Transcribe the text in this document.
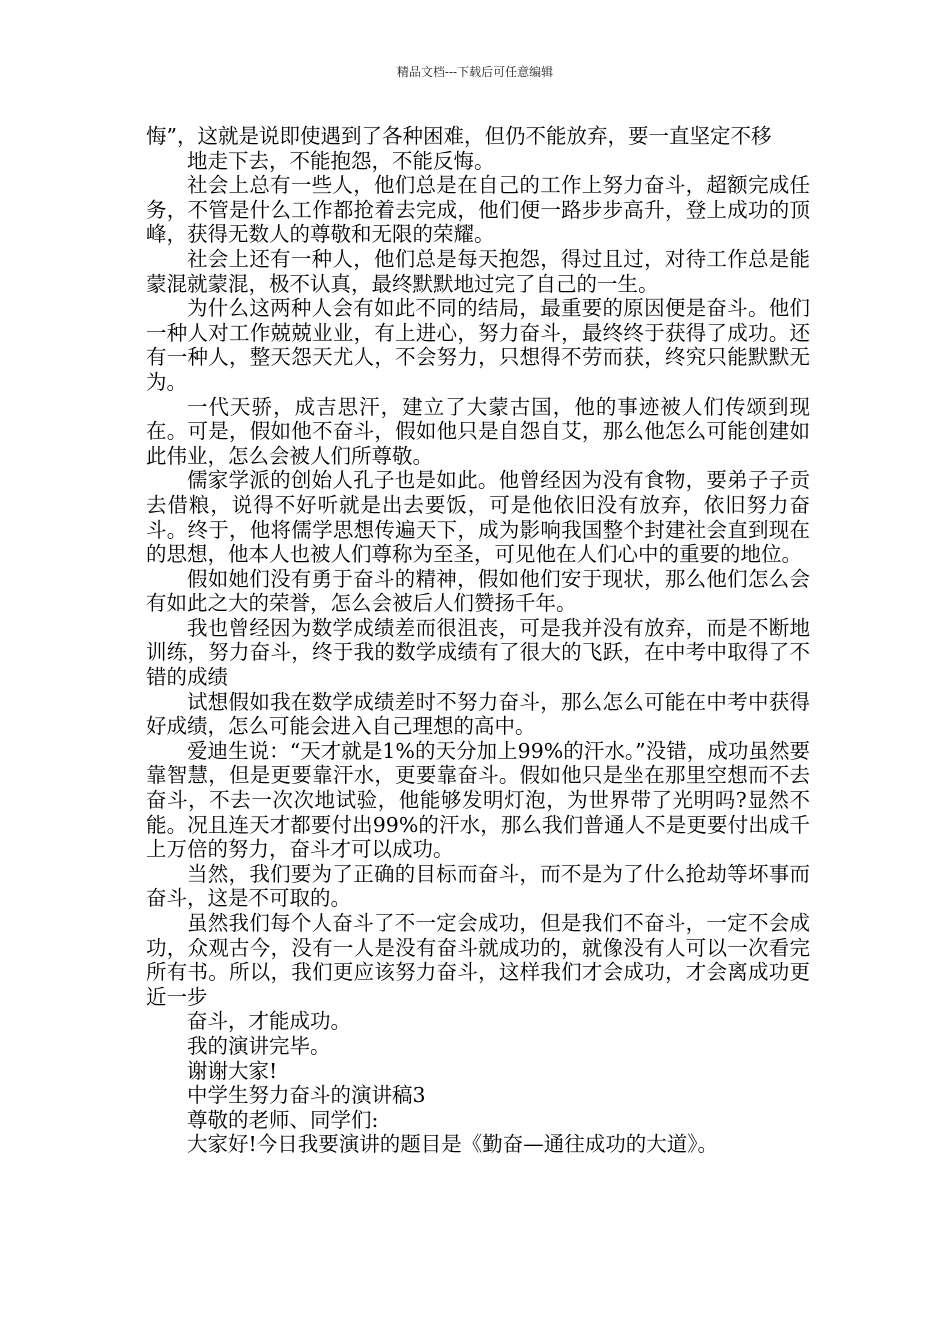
精品文档---下载后可任意编辑

悔”，这就是说即使遇到了各种困难，但仍不能放弃，要一直坚定不移

地走下去，不能抱怨，不能反悔。

社会上总有一些人，他们总是在自己的工作上努力奋斗，超额完成任务，不管是什么工作都抢着去完成，他们便一路步步高升，登上成功的顶峰，获得无数人的尊敬和无限的荣耀。

社会上还有一种人，他们总是每天抱怨，得过且过，对待工作总是能蒙混就蒙混，极不认真，最终默默地过完了自己的一生。

为什么这两种人会有如此不同的结局，最重要的原因便是奋斗。他们一种人对工作兢兢业业，有上进心，努力奋斗，最终终于获得了成功。还有一种人，整天怨天尤人，不会努力，只想得不劳而获，终究只能默默无为。

一代天骄，成吉思汗，建立了大蒙古国，他的事迹被人们传颂到现在。可是，假如他不奋斗，假如他只是自怨自艾，那么他怎么可能创建如此伟业，怎么会被人们所尊敬。

儒家学派的创始人孔子也是如此。他曾经因为没有食物，要弟子子贡去借粮，说得不好听就是出去要饭，可是他依旧没有放弃，依旧努力奋斗。终于，他将儒学思想传遍天下，成为影响我国整个封建社会直到现在的思想，他本人也被人们尊称为至圣，可见他在人们心中的重要的地位。

假如她们没有勇于奋斗的精神，假如他们安于现状，那么他们怎么会有如此之大的荣誉，怎么会被后人们赞扬千年。

我也曾经因为数学成绩差而很沮丧，可是我并没有放弃，而是不断地训练，努力奋斗，终于我的数学成绩有了很大的飞跃，在中考中取得了不错的成绩

试想假如我在数学成绩差时不努力奋斗，那么怎么可能在中考中获得好成绩，怎么可能会进入自己理想的高中。

爱迪生说：“天才就是1%的天分加上99%的汗水。”没错，成功虽然要靠智慧，但是更要靠汗水，更要靠奋斗。假如他只是坐在那里空想而不去奋斗，不去一次次地试验，他能够发明灯泡，为世界带了光明吗?显然不能。况且连天才都要付出99%的汗水，那么我们普通人不是更要付出成千上万倍的努力，奋斗才可以成功。

当然，我们要为了正确的目标而奋斗，而不是为了什么抢劫等坏事而奋斗，这是不可取的。

虽然我们每个人奋斗了不一定会成功，但是我们不奋斗，一定不会成功，众观古今，没有一人是没有奋斗就成功的，就像没有人可以一次看完所有书。所以，我们更应该努力奋斗，这样我们才会成功，才会离成功更近一步

奋斗，才能成功。

我的演讲完毕。

谢谢大家!

中学生努力奋斗的演讲稿3

尊敬的老师、同学们:

大家好!今日我要演讲的题目是《勤奋—通往成功的大道》。
